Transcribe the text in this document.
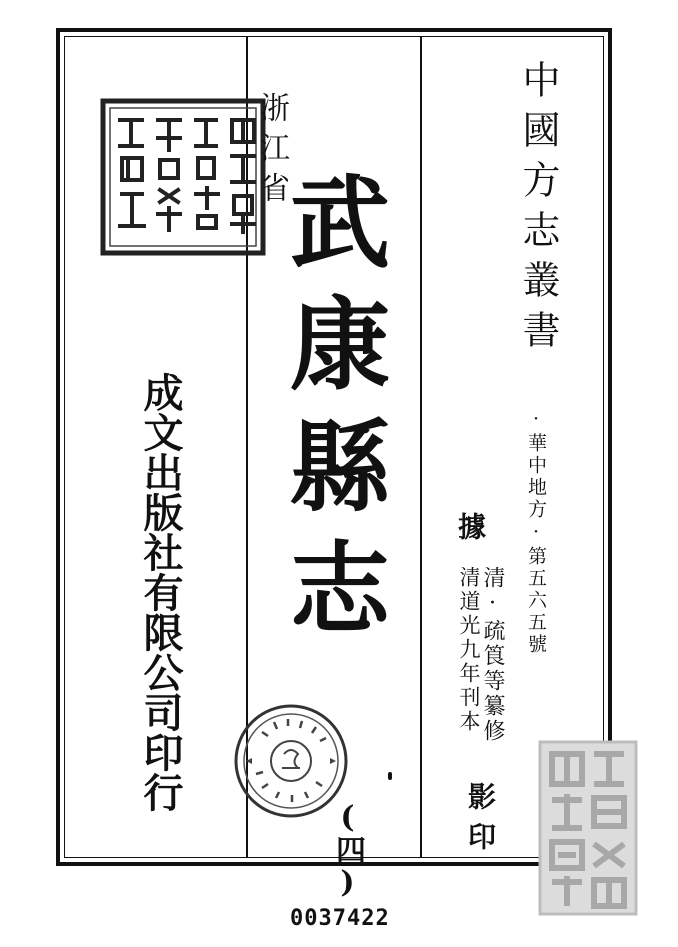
浙江省
武康縣志
( 四 )
成文出版社有限公司印行
中國方志叢書
·華中地方·第五六五號
據
清·疏筤等纂修
清道光九年刊本
影印
0037422
